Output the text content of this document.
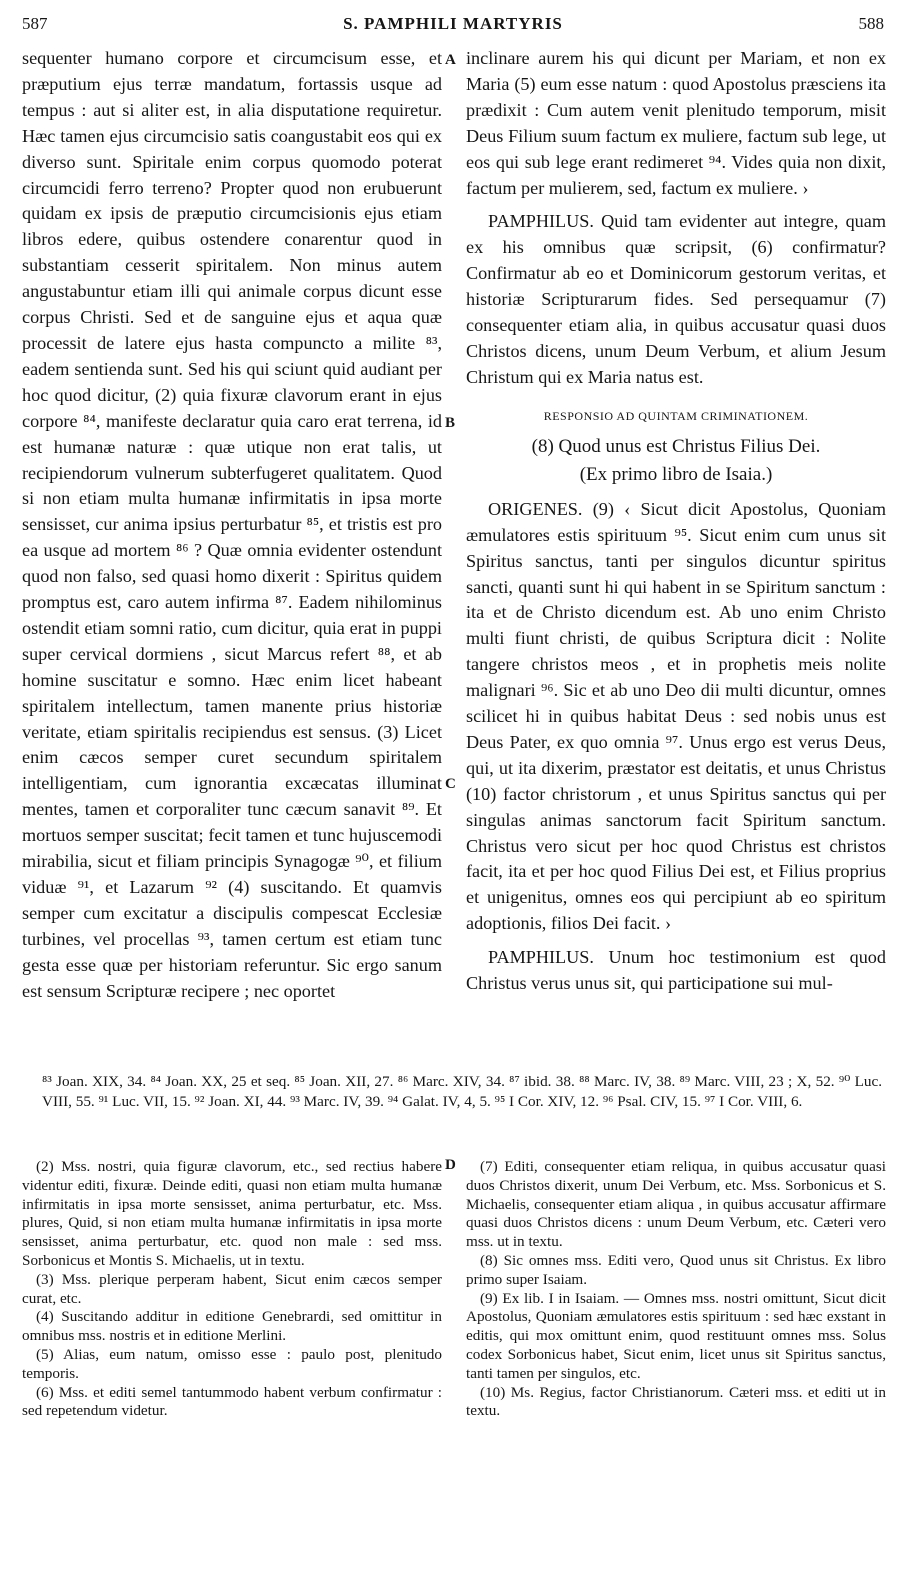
587	S. PAMPHILI MARTYRIS	588
A
B
C
D

sequenter humano corpore et circumcisum esse, et præputium ejus terræ mandatum, fortassis usque ad tempus : aut si aliter est, in alia disputatione requiretur. Hæc tamen ejus circumcisio satis coangustabit eos qui ex diverso sunt. Spiritale enim corpus quomodo poterat circumcidi ferro terreno? Propter quod non erubuerunt quidam ex ipsis de præputio circumcisionis ejus etiam libros edere, quibus ostendere conarentur quod in substantiam cesserit spiritalem. Non minus autem angustabuntur etiam illi qui animale corpus dicunt esse corpus Christi. Sed et de sanguine ejus et aqua quæ processit de latere ejus hasta compuncto a milite ⁸³, eadem sentienda sunt. Sed his qui sciunt quid audiant per hoc quod dicitur, (2) quia fixuræ clavorum erant in ejus corpore ⁸⁴, manifeste declaratur quia caro erat terrena, id est humanæ naturæ : quæ utique non erat talis, ut recipiendorum vulnerum subterfugeret qualitatem. Quod si non etiam multa humanæ infirmitatis in ipsa morte sensisset, cur anima ipsius perturbatur ⁸⁵, et tristis est pro ea usque ad mortem ⁸⁶ ? Quæ omnia evidenter ostendunt quod non falso, sed quasi homo dixerit : Spiritus quidem promptus est, caro autem infirma ⁸⁷. Eadem nihilominus ostendit etiam somni ratio, cum dicitur, quia erat in puppi super cervical dormiens , sicut Marcus refert ⁸⁸, et ab homine suscitatur e somno. Hæc enim licet habeant spiritalem intellectum, tamen manente prius historiæ veritate, etiam spiritalis recipiendus est sensus. (3) Licet enim cæcos semper curet secundum spiritalem intelligentiam, cum ignorantia excæcatas illuminat mentes, tamen et corporaliter tunc cæcum sanavit ⁸⁹. Et mortuos semper suscitat; fecit tamen et tunc hujuscemodi mirabilia, sicut et filiam principis Synagogæ ⁹⁰, et filium viduæ ⁹¹, et Lazarum ⁹² (4) suscitando. Et quamvis semper cum excitatur a discipulis compescat Ecclesiæ turbines, vel procellas ⁹³, tamen certum est etiam tunc gesta esse quæ per historiam referuntur. Sic ergo sanum est sensum Scripturæ recipere ; nec oportet

inclinare aurem his qui dicunt per Mariam, et non ex Maria (5) eum esse natum : quod Apostolus præsciens ita prædixit : Cum autem venit plenitudo temporum, misit Deus Filium suum factum ex muliere, factum sub lege, ut eos qui sub lege erant redimeret ⁹⁴. Vides quia non dixit, factum per mulierem, sed, factum ex muliere. ›

PAMPHILUS. Quid tam evidenter aut integre, quam ex his omnibus quæ scripsit, (6) confirmatur? Confirmatur ab eo et Dominicorum gestorum veritas, et historiæ Scripturarum fides. Sed persequamur (7) consequenter etiam alia, in quibus accusatur quasi duos Christos dicens, unum Deum Verbum, et alium Jesum Christum qui ex Maria natus est.

RESPONSIO AD QUINTAM CRIMINATIONEM.
(8) Quod unus est Christus Filius Dei.
(Ex primo libro de Isaia.)

ORIGENES. (9) ‹ Sicut dicit Apostolus, Quoniam æmulatores estis spirituum ⁹⁵. Sicut enim cum unus sit Spiritus sanctus, tanti per singulos dicuntur spiritus sancti, quanti sunt hi qui habent in se Spiritum sanctum : ita et de Christo dicendum est. Ab uno enim Christo multi fiunt christi, de quibus Scriptura dicit : Nolite tangere christos meos , et in prophetis meis nolite malignari ⁹⁶. Sic et ab uno Deo dii multi dicuntur, omnes scilicet hi in quibus habitat Deus : sed nobis unus est Deus Pater, ex quo omnia ⁹⁷. Unus ergo est verus Deus, qui, ut ita dixerim, præstator est deitatis, et unus Christus (10) factor christorum , et unus Spiritus sanctus qui per singulas animas sanctorum facit Spiritum sanctum. Christus vero sicut per hoc quod Christus est christos facit, ita et per hoc quod Filius Dei est, et Filius proprius et unigenitus, omnes eos qui percipiunt ab eo spiritum adoptionis, filios Dei facit. ›

PAMPHILUS. Unum hoc testimonium est quod Christus verus unus sit, qui participatione sui mul-

⁸³ Joan. XIX, 34. ⁸⁴ Joan. XX, 25 et seq. ⁸⁵ Joan. XII, 27. ⁸⁶ Marc. XIV, 34. ⁸⁷ ibid. 38. ⁸⁸ Marc. IV, 38. ⁸⁹ Marc. VIII, 23 ; X, 52. ⁹⁰ Luc. VIII, 55. ⁹¹ Luc. VII, 15. ⁹² Joan. XI, 44. ⁹³ Marc. IV, 39. ⁹⁴ Galat. IV, 4, 5. ⁹⁵ I Cor. XIV, 12. ⁹⁶ Psal. CIV, 15. ⁹⁷ I Cor. VIII, 6.

(2) Mss. nostri, quia figuræ clavorum, etc., sed rectius habere videntur editi, fixuræ. Deinde editi, quasi non etiam multa humanæ infirmitatis in ipsa morte sensisset, anima perturbatur, etc. Mss. plures, Quid, si non etiam multa humanæ infirmitatis in ipsa morte sensisset, anima perturbatur, etc. quod non male : sed mss. Sorbonicus et Montis S. Michaelis, ut in textu.

(3) Mss. plerique perperam habent, Sicut enim cæcos semper curat, etc.

(4) Suscitando additur in editione Genebrardi, sed omittitur in omnibus mss. nostris et in editione Merlini.

(5) Alias, eum natum, omisso esse : paulo post, plenitudo temporis.

(6) Mss. et editi semel tantummodo habent verbum confirmatur : sed repetendum videtur.

(7) Editi, consequenter etiam reliqua, in quibus accusatur quasi duos Christos dixerit, unum Dei Verbum, etc. Mss. Sorbonicus et S. Michaelis, consequenter etiam aliqua , in quibus accusatur affirmare quasi duos Christos dicens : unum Deum Verbum, etc. Cæteri vero mss. ut in textu.

(8) Sic omnes mss. Editi vero, Quod unus sit Christus. Ex libro primo super Isaiam.

(9) Ex lib. I in Isaiam. — Omnes mss. nostri omittunt, Sicut dicit Apostolus, Quoniam æmulatores estis spirituum : sed hæc exstant in editis, qui mox omittunt enim, quod restituunt omnes mss. Solus codex Sorbonicus habet, Sicut enim, licet unus sit Spiritus sanctus, tanti tamen per singulos, etc.

(10) Ms. Regius, factor Christianorum. Cæteri mss. et editi ut in textu.
